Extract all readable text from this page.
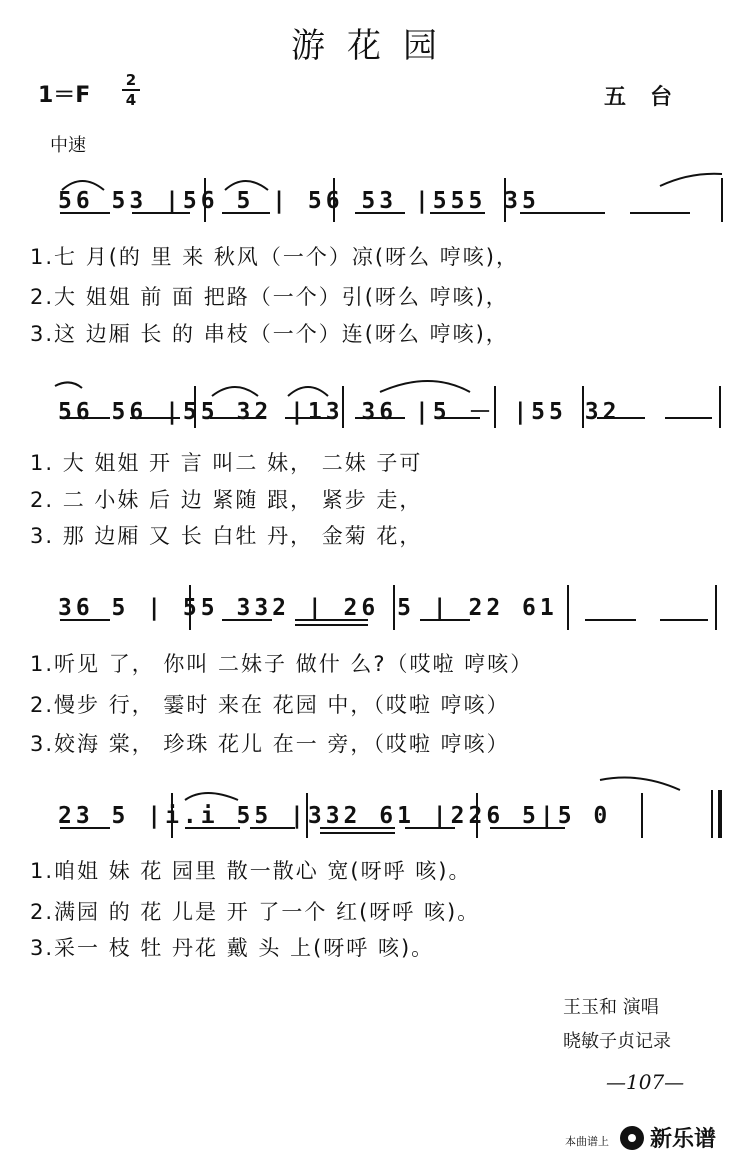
游花园
1＝F
2
4	五台
中速
56 53 |56 5 | 56 53 |555 35
56 56 |55 32 |13 36 |5 － |55 32
36 5 | 55 332 | 26 5 | 22 61
23 5 |i.i 55 |332 61 |226 5|5 0
1.七 月(的 里 来 秋风（一个）凉(呀么 哼咳)，
2.大 姐姐 前 面 把路（一个）引(呀么 哼咳)，
3.这 边厢 长 的 串枝（一个）连(呀么 哼咳)，
1. 大 姐姐 开 言 叫二 妹， 二妹 子可
2. 二 小妹 后 边 紧随 跟， 紧步 走，
3. 那 边厢 又 长 白牡 丹， 金菊 花，
1.听见 了， 你叫 二妹子 做什 么?（哎啦 哼咳）
2.慢步 行， 霎时 来在 花园 中，（哎啦 哼咳）
3.姣海 棠， 珍珠 花儿 在一 旁，（哎啦 哼咳）
1.咱姐 妹 花 园里 散一散心 宽(呀呼 咳)。
2.满园 的 花 儿是 开 了一个 红(呀呼 咳)。
3.采一 枝 牡 丹花 戴 头 上(呀呼 咳)。
王玉和 演唱
晓敏子贞记录
—107—
本曲谱上 新乐谱
